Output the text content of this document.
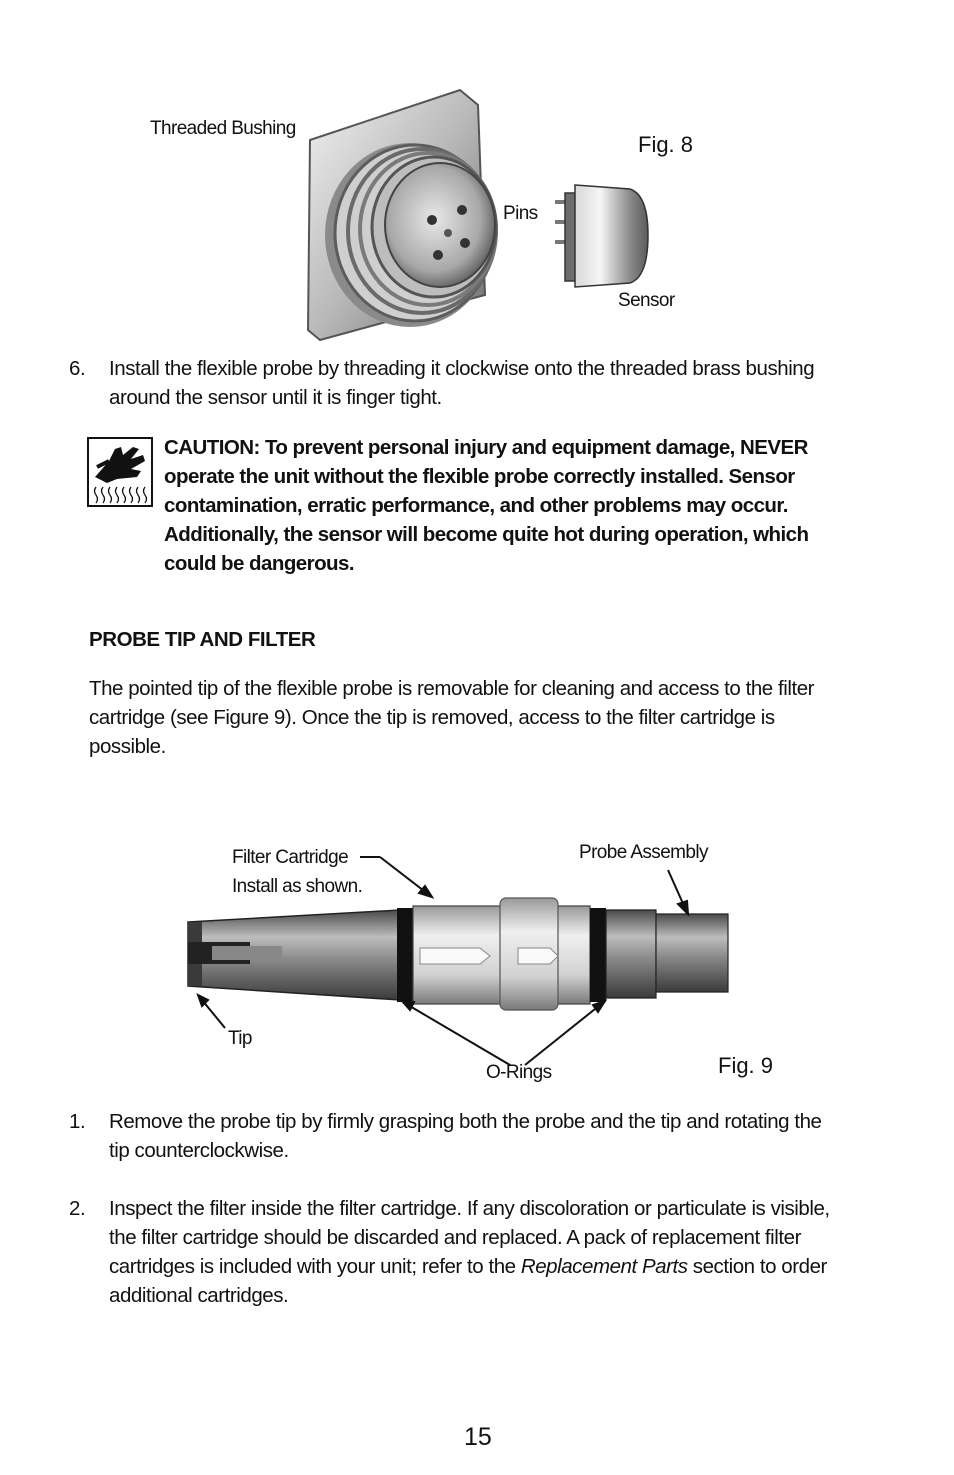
Threaded Bushing
Fig. 8
Pins
Sensor
6. Install the flexible probe by threading it clockwise onto the threaded brass bushing
around the sensor until it is finger tight.
CAUTION: To prevent personal injury and equipment damage, NEVER
operate the unit without the flexible probe correctly installed. Sensor
contamination, erratic performance, and other problems may occur.
Additionally, the sensor will become quite hot during operation, which
could be dangerous.
PROBE TIP AND FILTER
The pointed tip of the flexible probe is removable for cleaning and access to the filter
cartridge (see Figure 9). Once the tip is removed, access to the filter cartridge is
possible.
Filter Cartridge
Install as shown.
Probe Assembly
Tip
O-Rings	Fig. 9
1. Remove the probe tip by firmly grasping both the probe and the tip and rotating the
tip counterclockwise.
2. Inspect the filter inside the filter cartridge. If any discoloration or particulate is visible,
the filter cartridge should be discarded and replaced. A pack of replacement filter
cartridges is included with your unit; refer to the Replacement Parts section to order
additional cartridges.
15
